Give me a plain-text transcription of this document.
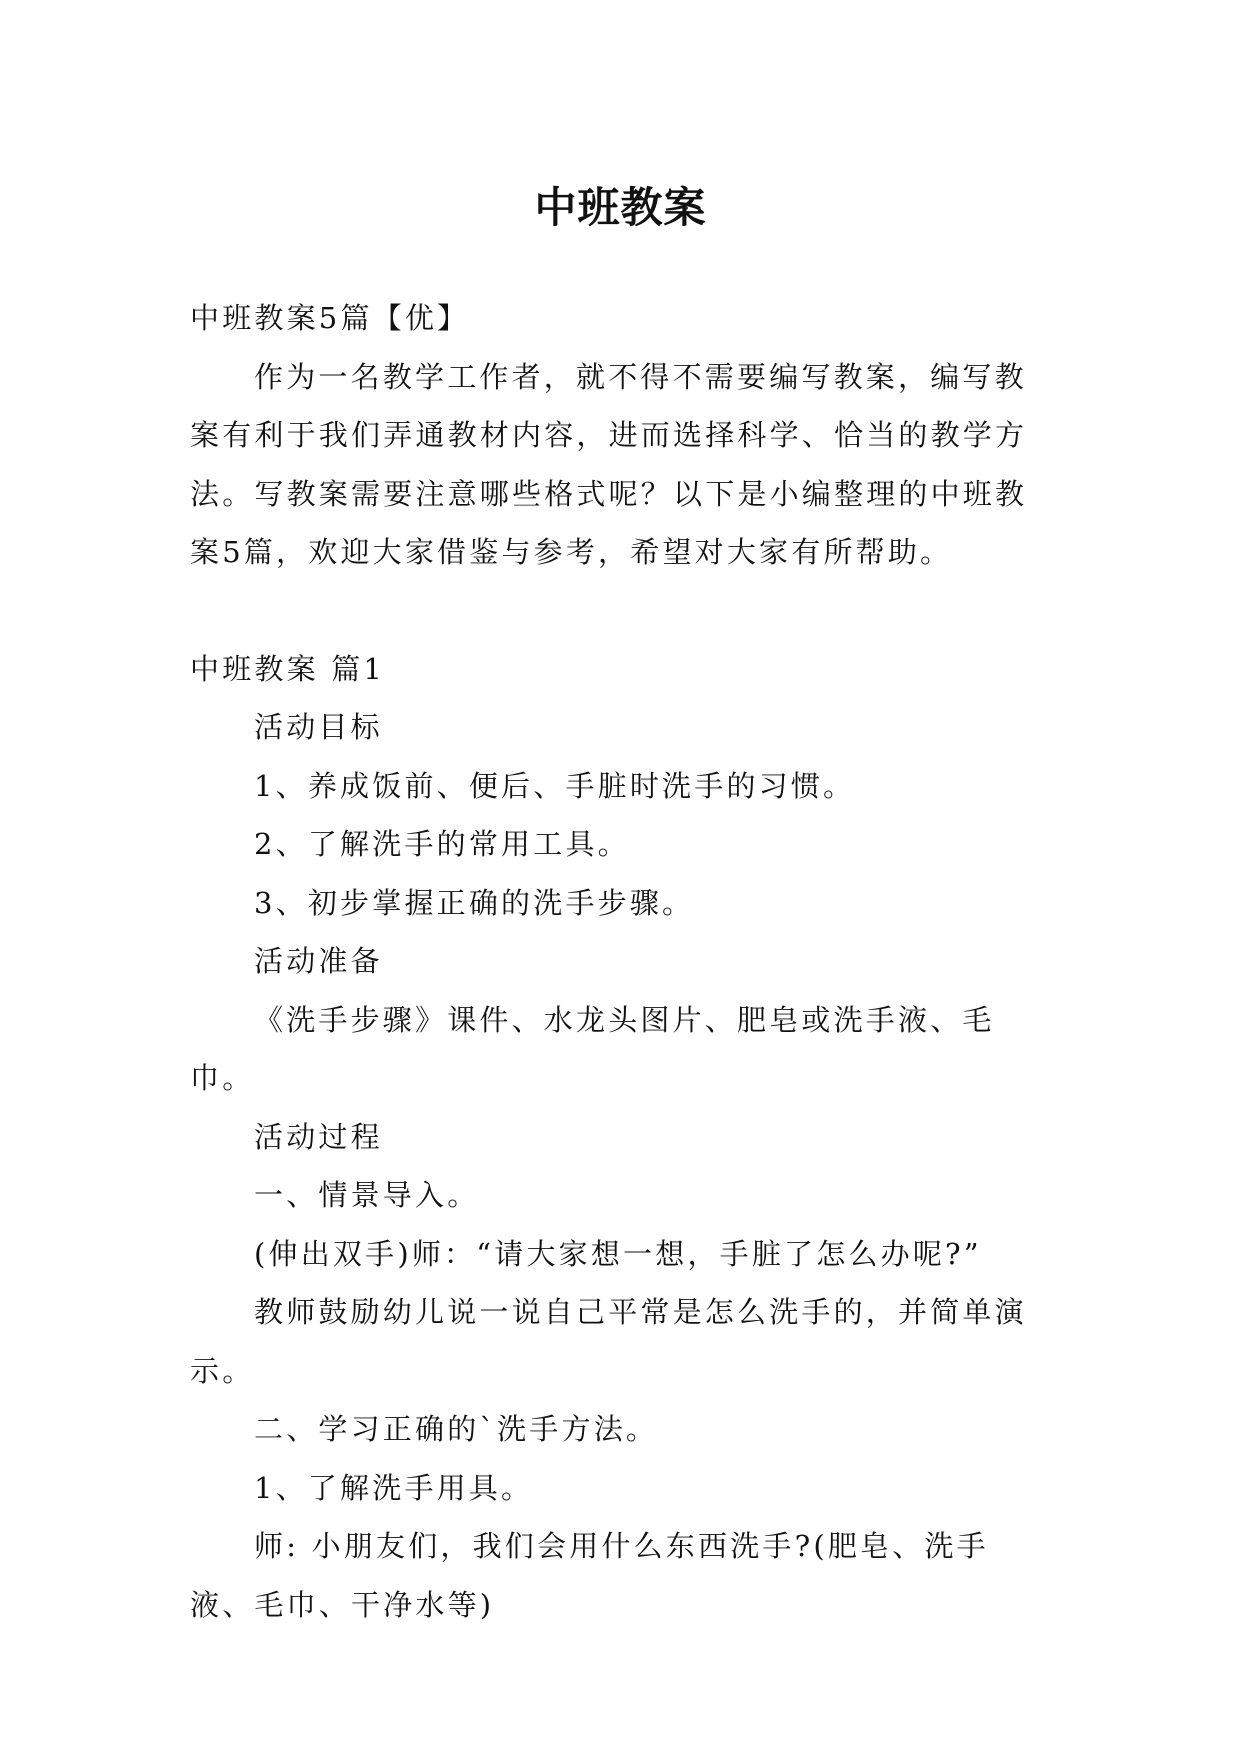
中班教案

中班教案5篇【优】

作为一名教学工作者，就不得不需要编写教案，编写教案有利于我们弄通教材内容，进而选择科学、恰当的教学方法。写教案需要注意哪些格式呢？以下是小编整理的中班教案5篇，欢迎大家借鉴与参考，希望对大家有所帮助。

中班教案 篇1

活动目标

1、养成饭前、便后、手脏时洗手的习惯。

2、了解洗手的常用工具。

3、初步掌握正确的洗手步骤。

活动准备

《洗手步骤》课件、水龙头图片、肥皂或洗手液、毛巾。

活动过程

一、情景导入。

(伸出双手)师：“请大家想一想，手脏了怎么办呢?”

教师鼓励幼儿说一说自己平常是怎么洗手的，并简单演示。

二、学习正确的`洗手方法。

1、了解洗手用具。

师: 小朋友们，我们会用什么东西洗手?(肥皂、洗手液、毛巾、干净水等)
